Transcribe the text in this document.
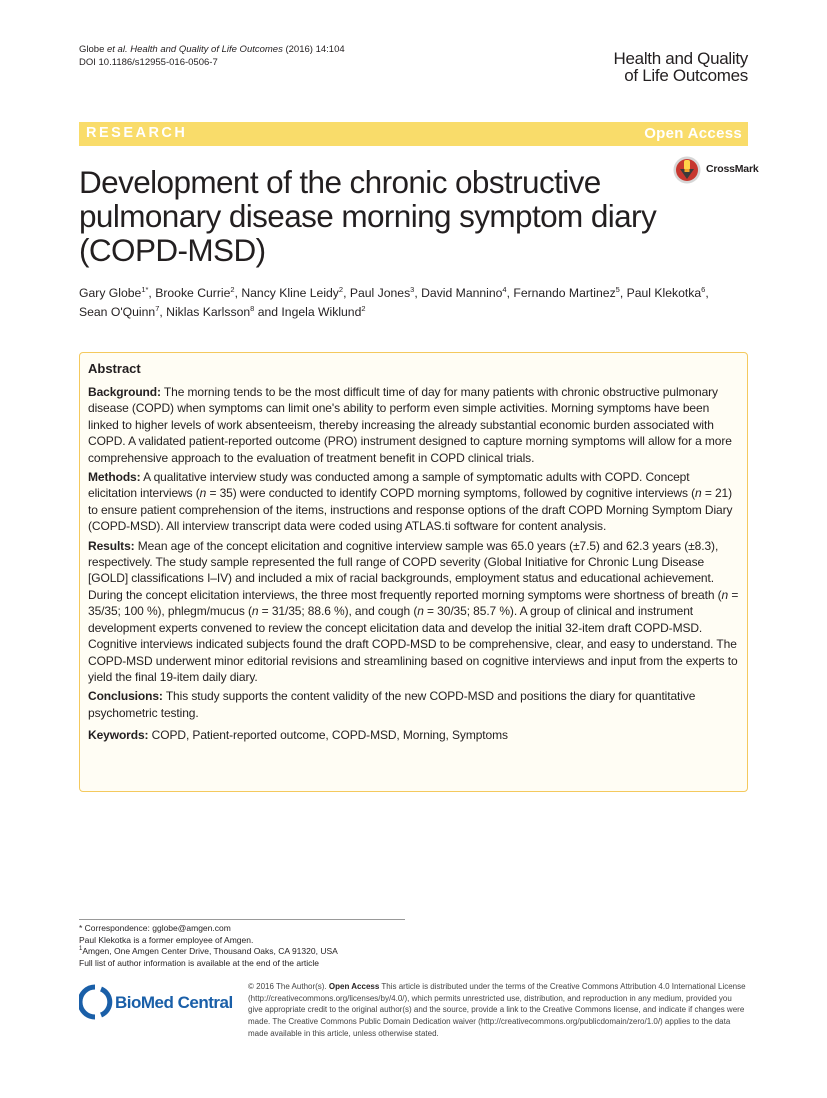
Globe et al. Health and Quality of Life Outcomes (2016) 14:104
DOI 10.1186/s12955-016-0506-7	Health and Quality
of Life Outcomes
RESEARCH	Open Access
Development of the chronic obstructive pulmonary disease morning symptom diary (COPD-MSD)
CrossMark
Gary Globe$^{1*}$, Brooke Currie$^2$, Nancy Kline Leidy$^2$, Paul Jones$^3$, David Mannino$^4$, Fernando Martinez$^5$, Paul Klekotka$^6$, Sean O'Quinn$^7$, Niklas Karlsson$^8$ and Ingela Wiklund$^2$
Abstract
Background: The morning tends to be the most difficult time of day for many patients with chronic obstructive pulmonary disease (COPD) when symptoms can limit one's ability to perform even simple activities. Morning symptoms have been linked to higher levels of work absenteeism, thereby increasing the already substantial economic burden associated with COPD. A validated patient-reported outcome (PRO) instrument designed to capture morning symptoms will allow for a more comprehensive approach to the evaluation of treatment benefit in COPD clinical trials.
Methods: A qualitative interview study was conducted among a sample of symptomatic adults with COPD. Concept elicitation interviews (n = 35) were conducted to identify COPD morning symptoms, followed by cognitive interviews (n = 21) to ensure patient comprehension of the items, instructions and response options of the draft COPD Morning Symptom Diary (COPD-MSD). All interview transcript data were coded using ATLAS.ti software for content analysis.
Results: Mean age of the concept elicitation and cognitive interview sample was 65.0 years (±7.5) and 62.3 years (±8.3), respectively. The study sample represented the full range of COPD severity (Global Initiative for Chronic Lung Disease [GOLD] classifications I–IV) and included a mix of racial backgrounds, employment status and educational achievement. During the concept elicitation interviews, the three most frequently reported morning symptoms were shortness of breath (n = 35/35; 100 %), phlegm/mucus (n = 31/35; 88.6 %), and cough (n = 30/35; 85.7 %). A group of clinical and instrument development experts convened to review the concept elicitation data and develop the initial 32-item draft COPD-MSD. Cognitive interviews indicated subjects found the draft COPD-MSD to be comprehensive, clear, and easy to understand. The COPD-MSD underwent minor editorial revisions and streamlining based on cognitive interviews and input from the experts to yield the final 19-item daily diary.
Conclusions: This study supports the content validity of the new COPD-MSD and positions the diary for quantitative psychometric testing.
Keywords: COPD, Patient-reported outcome, COPD-MSD, Morning, Symptoms
* Correspondence: gglobe@amgen.com
Paul Klekotka is a former employee of Amgen.
$^1$Amgen, One Amgen Center Drive, Thousand Oaks, CA 91320, USA
Full list of author information is available at the end of the article
BioMed Central
© 2016 The Author(s). Open Access This article is distributed under the terms of the Creative Commons Attribution 4.0 International License (http://creativecommons.org/licenses/by/4.0/), which permits unrestricted use, distribution, and reproduction in any medium, provided you give appropriate credit to the original author(s) and the source, provide a link to the Creative Commons license, and indicate if changes were made. The Creative Commons Public Domain Dedication waiver (http://creativecommons.org/publicdomain/zero/1.0/) applies to the data made available in this article, unless otherwise stated.
